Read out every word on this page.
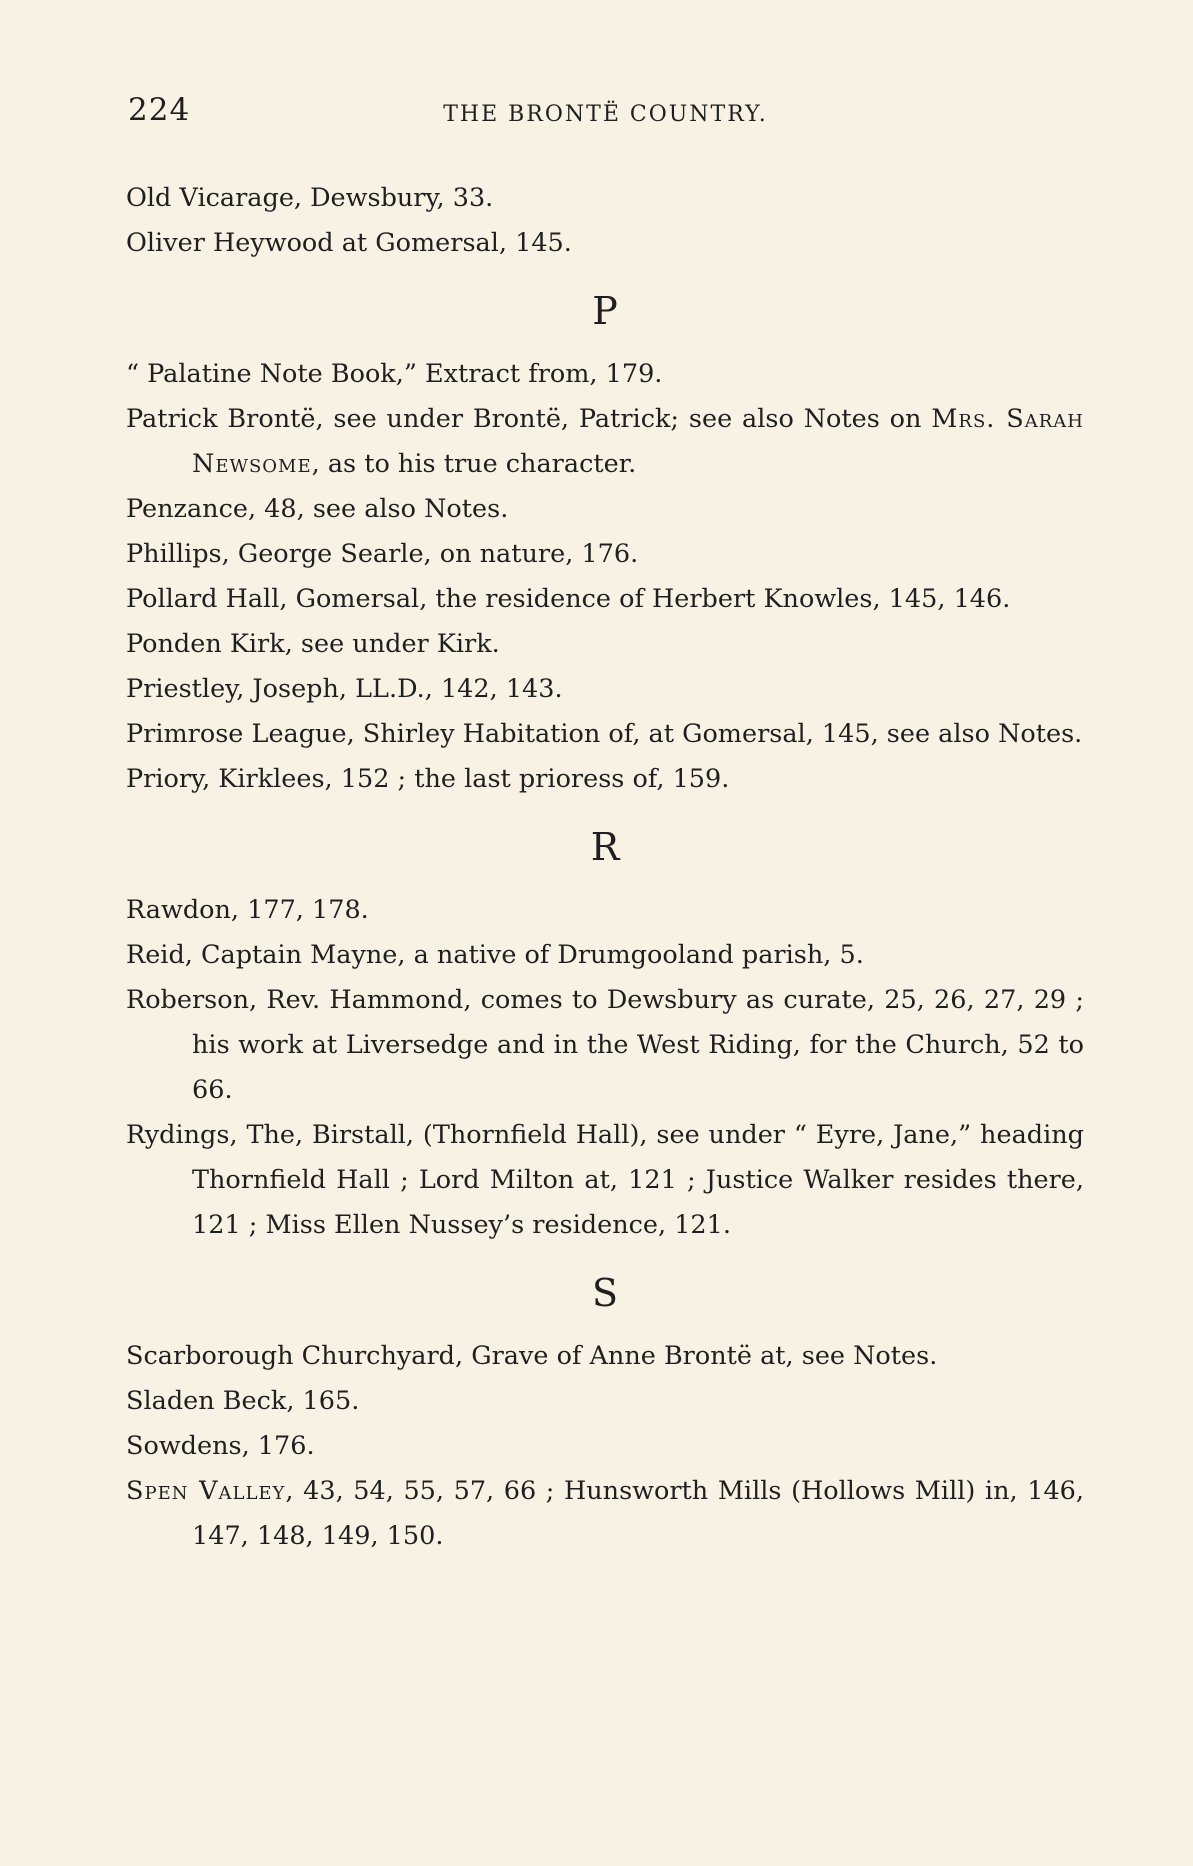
224	THE BRONTË COUNTRY.
Old Vicarage, Dewsbury, 33.
Oliver Heywood at Gomersal, 145.
P
“ Palatine Note Book,” Extract from, 179.
Patrick Brontë, see under Brontë, Patrick; see also Notes on Mrs. Sarah Newsome, as to his true character.
Penzance, 48, see also Notes.
Phillips, George Searle, on nature, 176.
Pollard Hall, Gomersal, the residence of Herbert Knowles, 145, 146.
Ponden Kirk, see under Kirk.
Priestley, Joseph, LL.D., 142, 143.
Primrose League, Shirley Habitation of, at Gomersal, 145, see also Notes.
Priory, Kirklees, 152 ; the last prioress of, 159.
R
Rawdon, 177, 178.
Reid, Captain Mayne, a native of Drumgooland parish, 5.
Roberson, Rev. Hammond, comes to Dewsbury as curate, 25, 26, 27, 29 ; his work at Liversedge and in the West Riding, for the Church, 52 to 66.
Rydings, The, Birstall, (Thornfield Hall), see under “ Eyre, Jane,” heading Thornfield Hall ; Lord Milton at, 121 ; Justice Walker resides there, 121 ; Miss Ellen Nussey’s residence, 121.
S
Scarborough Churchyard, Grave of Anne Brontë at, see Notes.
Sladen Beck, 165.
Sowdens, 176.
Spen Valley, 43, 54, 55, 57, 66 ; Hunsworth Mills (Hollows Mill) in, 146, 147, 148, 149, 150.
